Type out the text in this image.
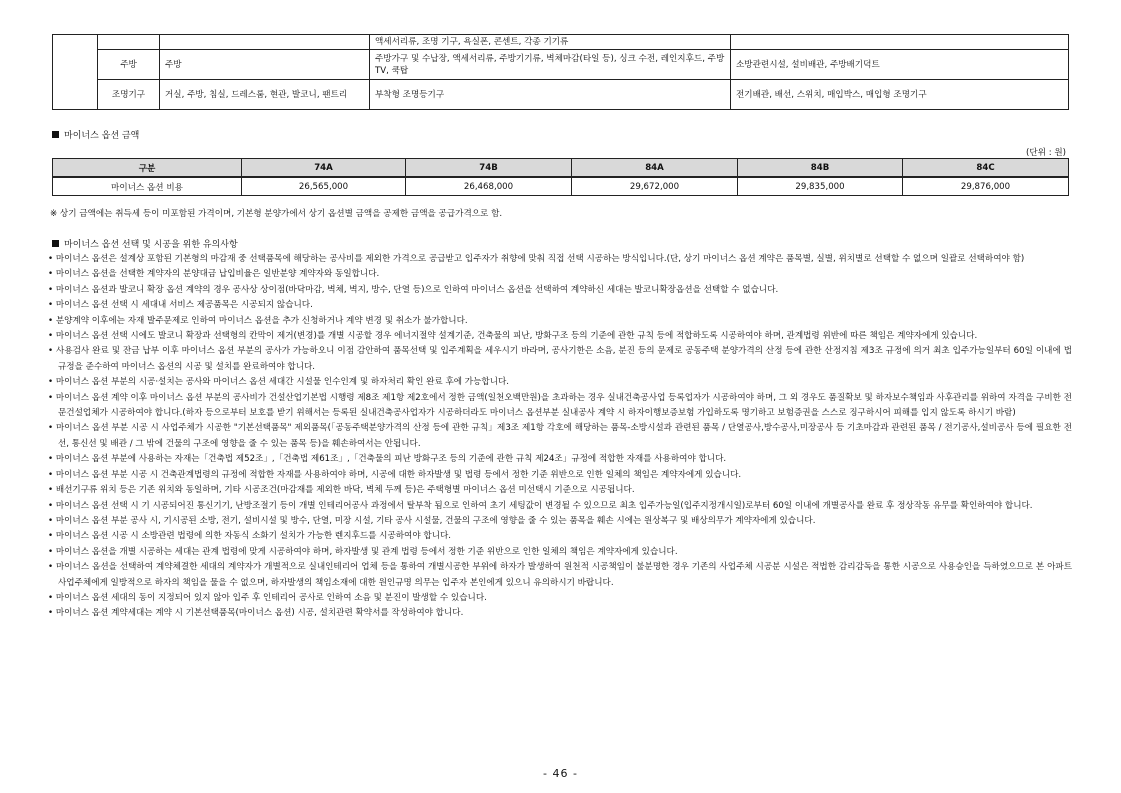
			액세서리류, 조명 기구, 욕실폰, 콘센트, 각종 기기류	
	주방	주방	주방가구 및 수납장, 액세서리류, 주방기기류, 벽체마감(타일 등), 싱크 수전, 레인지후드, 주방TV, 쿡탑	소방관련시설, 설비배관, 주방배기덕트
	조명기구	거실, 주방, 침실, 드레스룸, 현관, 발코니, 팬트리	부착형 조명등기구	전기배관, 배선, 스위치, 매입박스, 매입형 조명기구
마이너스 옵션 금액
(단위 : 원)
구분	74A	74B	84A	84B	84C
마이너스 옵션 비용	26,565,000	26,468,000	29,672,000	29,835,000	29,876,000
※ 상기 금액에는 취득세 등이 미포함된 가격이며, 기본형 분양가에서 상기 옵션별 금액을 공제한 금액을 공급가격으로 함.
마이너스 옵션 선택 및 시공을 위한 유의사항
• 마이너스 옵션은 설계상 포함된 기본형의 마감재 중 선택품목에 해당하는 공사비를 제외한 가격으로 공급받고 입주자가 취향에 맞춰 직접 선택 시공하는 방식입니다.(단, 상기 마이너스 옵션 계약은 품목별, 실별, 위치별로 선택할 수 없으며 일괄로 선택하여야 함)
• 마이너스 옵션을 선택한 계약자의 분양대금 납입비율은 일반분양 계약자와 동일합니다.
• 마이너스 옵션과 발코니 확장 옵션 계약의 경우 공사상 상이점(바닥마감, 벽체, 벽지, 방수, 단열 등)으로 인하여 마이너스 옵션을 선택하여 계약하신 세대는 발코니확장옵션을 선택할 수 없습니다.
• 마이너스 옵션 선택 시 세대내 서비스 제공품목은 시공되지 않습니다.
• 분양계약 이후에는 자재 발주문제로 인하여 마이너스 옵션을 추가 신청하거나 계약 변경 및 취소가 불가합니다.
• 마이너스 옵션 선택 시에도 발코니 확장과 선택형의 칸막이 제거(변경)를 개별 시공할 경우 에너지절약 설계기준, 건축물의 피난, 방화구조 등의 기준에 관한 규칙 등에 적합하도록 시공하여야 하며, 관계법령 위반에 따른 책임은 계약자에게 있습니다.
• 사용검사 완료 및 잔금 납부 이후 마이너스 옵션 부분의 공사가 가능하오니 이점 감안하여 품목선택 및 입주계획을 세우시기 바라며, 공사기한은 소음, 분진 등의 문제로 공동주택 분양가격의 산정 등에 관한 산정지침 제3조 규정에 의거 최초 입주가능일부터 60일 이내에 법규정을 준수하여 마이너스 옵션의 시공 및 설치를 완료하여야 합니다.
• 마이너스 옵션 부분의 시공·설치는 공사와 마이너스 옵션 세대간 시설물 인수인계 및 하자처리 확인 완료 후에 가능합니다.
• 마이너스 옵션 계약 이후 마이너스 옵션 부분의 공사비가 건설산업기본법 시행령 제8조 제1항 제2호에서 정한 금액(일천오백만원)을 초과하는 경우 실내건축공사업 등록업자가 시공하여야 하며, 그 외 경우도 품질확보 및 하자보수책임과 사후관리를 위하여 자격을 구비한 전문건설업체가 시공하여야 합니다.(하자 등으로부터 보호를 받기 위해서는 등록된 실내건축공사업자가 시공하더라도 마이너스 옵션부분 실내공사 계약 시 하자이행보증보험 가입하도록 명기하고 보험증권을 스스로 징구하시어 피해를 입지 않도록 하시기 바람)
• 마이너스 옵션 부분 시공 시 사업주체가 시공한 "기본선택품목" 제외품목(「공동주택분양가격의 산정 등에 관한 규칙」제3조 제1항 각호에 해당하는 품목-소방시설과 관련된 품목 / 단열공사,방수공사,미장공사 등 기초마감과 관련된 품목 / 전기공사,설비공사 등에 필요한 전선, 통신선 및 배관 / 그 밖에 건물의 구조에 영향을 줄 수 있는 품목 등)을 훼손하여서는 안됩니다.
• 마이너스 옵션 부분에 사용하는 자재는「건축법 제52조」,「건축법 제61조」,「건축물의 피난 방화구조 등의 기준에 관한 규칙 제24조」규정에 적합한 자재를 사용하여야 합니다.
• 마이너스 옵션 부분 시공 시 건축관계법령의 규정에 적합한 자재를 사용하여야 하며, 시공에 대한 하자발생 및 법령 등에서 정한 기준 위반으로 인한 일체의 책임은 계약자에게 있습니다.
• 배선기구류 위치 등은 기존 위치와 동일하며, 기타 시공조건(마감재를 제외한 바닥, 벽체 두께 등)은 주택형별 마이너스 옵션 미선택시 기준으로 시공됩니다.
• 마이너스 옵션 선택 시 기 시공되어진 통신기기, 난방조절기 등이 개별 인테리어공사 과정에서 탈부착 됨으로 인하여 초기 세팅값이 변경될 수 있으므로 최초 입주가능일(입주지정개시일)로부터 60일 이내에 개별공사를 완료 후 정상작동 유무를 확인하여야 합니다.
• 마이너스 옵션 부분 공사 시, 기시공된 소방, 전기, 설비시설 및 방수, 단열, 미장 시설, 기타 공사 시설물, 건물의 구조에 영향을 줄 수 있는 품목을 훼손 시에는 원상복구 및 배상의무가 계약자에게 있습니다.
• 마이너스 옵션 시공 시 소방관련 법령에 의한 자동식 소화기 설치가 가능한 렌지후드를 시공하여야 합니다.
• 마이너스 옵션을 개별 시공하는 세대는 관계 법령에 맞게 시공하여야 하며, 하자발생 및 관계 법령 등에서 정한 기준 위반으로 인한 일체의 책임은 계약자에게 있습니다.
• 마이너스 옵션을 선택하여 계약체결한 세대의 계약자가 개별적으로 실내인테리어 업체 등을 통하여 개별시공한 부위에 하자가 발생하여 원천적 시공책임이 불분명한 경우 기존의 사업주체 시공분 시설은 적법한 감리감독을 통한 시공으로 사용승인을 득하였으므로 본 아파트 사업주체에게 일방적으로 하자의 책임을 물을 수 없으며, 하자발생의 책임소재에 대한 원인규명 의무는 입주자 본인에게 있으니 유의하시기 바랍니다.
• 마이너스 옵션 세대의 동이 지정되어 있지 않아 입주 후 인테리어 공사로 인하여 소음 및 분진이 발생할 수 있습니다.
• 마이너스 옵션 계약세대는 계약 시 기본선택품목(마이너스 옵션) 시공, 설치관련 확약서를 작성하여야 합니다.
- 46 -
